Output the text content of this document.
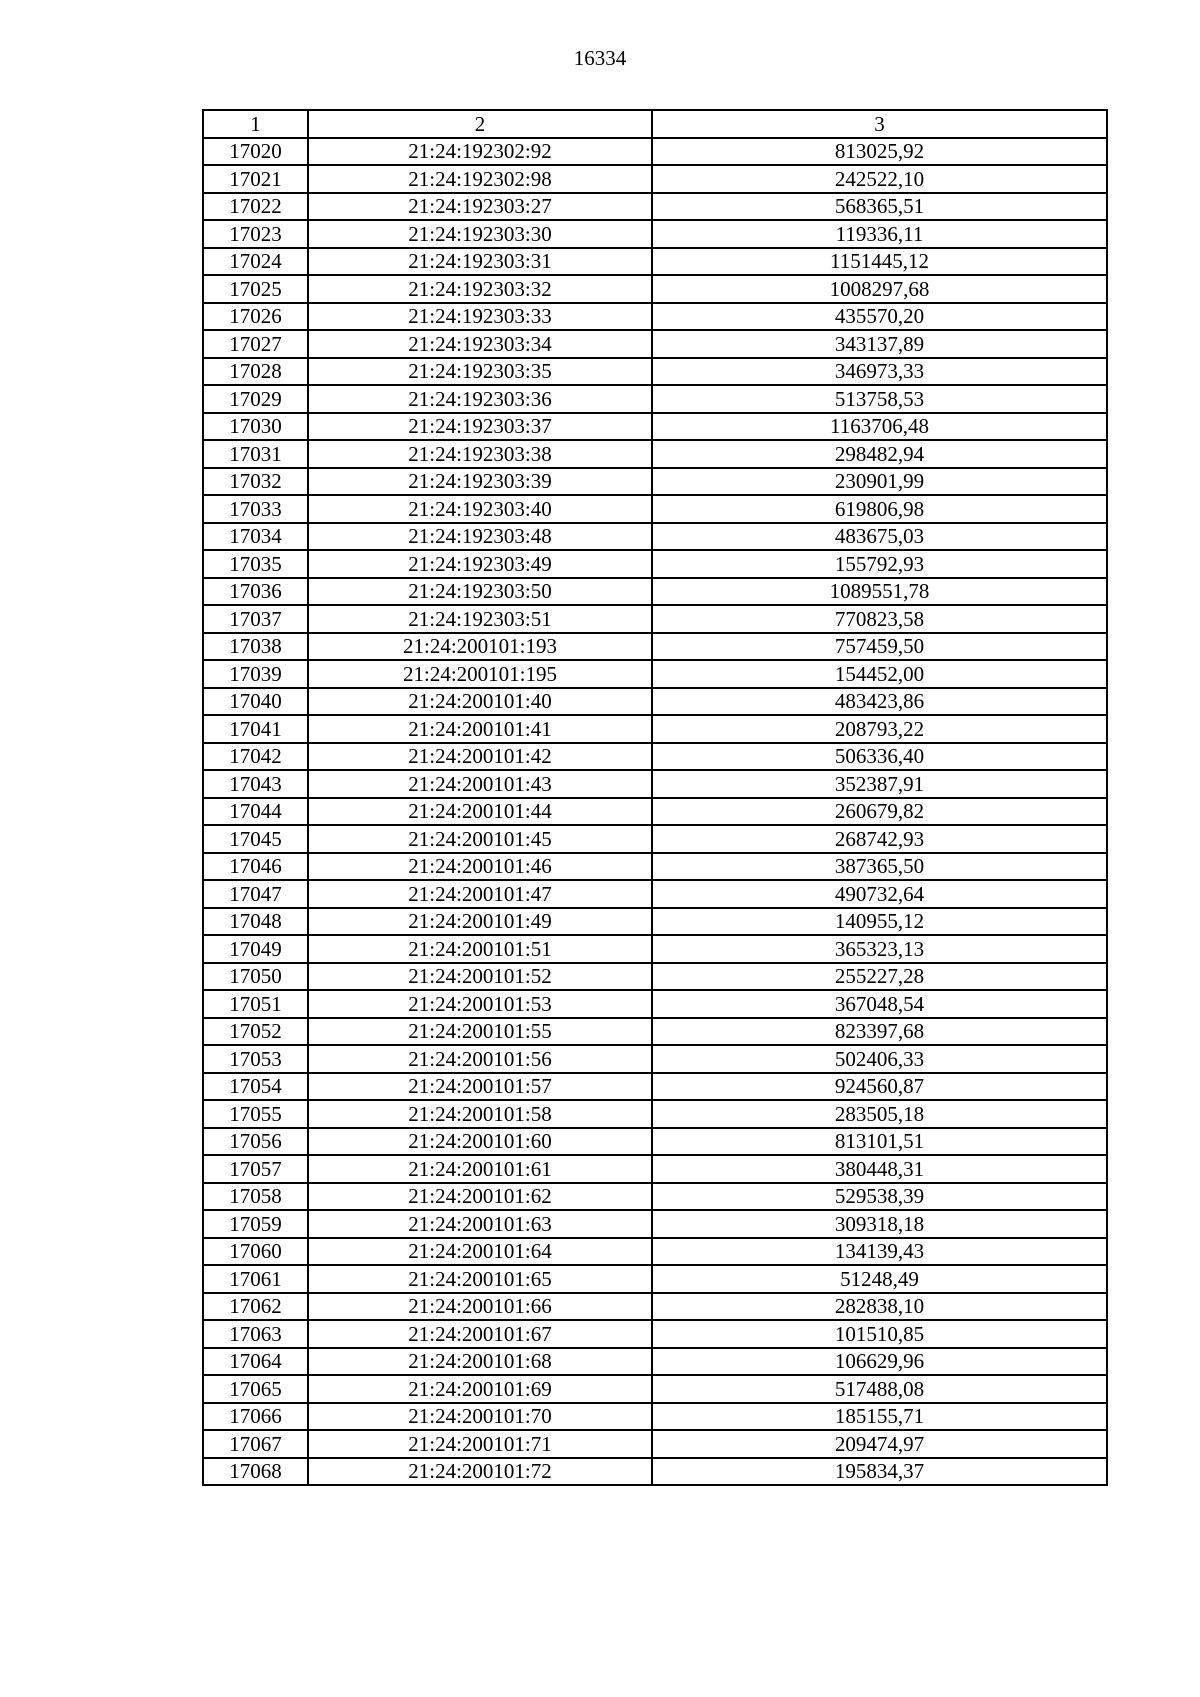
16334
1	2	3
17020	21:24:192302:92	813025,92
17021	21:24:192302:98	242522,10
17022	21:24:192303:27	568365,51
17023	21:24:192303:30	119336,11
17024	21:24:192303:31	1151445,12
17025	21:24:192303:32	1008297,68
17026	21:24:192303:33	435570,20
17027	21:24:192303:34	343137,89
17028	21:24:192303:35	346973,33
17029	21:24:192303:36	513758,53
17030	21:24:192303:37	1163706,48
17031	21:24:192303:38	298482,94
17032	21:24:192303:39	230901,99
17033	21:24:192303:40	619806,98
17034	21:24:192303:48	483675,03
17035	21:24:192303:49	155792,93
17036	21:24:192303:50	1089551,78
17037	21:24:192303:51	770823,58
17038	21:24:200101:193	757459,50
17039	21:24:200101:195	154452,00
17040	21:24:200101:40	483423,86
17041	21:24:200101:41	208793,22
17042	21:24:200101:42	506336,40
17043	21:24:200101:43	352387,91
17044	21:24:200101:44	260679,82
17045	21:24:200101:45	268742,93
17046	21:24:200101:46	387365,50
17047	21:24:200101:47	490732,64
17048	21:24:200101:49	140955,12
17049	21:24:200101:51	365323,13
17050	21:24:200101:52	255227,28
17051	21:24:200101:53	367048,54
17052	21:24:200101:55	823397,68
17053	21:24:200101:56	502406,33
17054	21:24:200101:57	924560,87
17055	21:24:200101:58	283505,18
17056	21:24:200101:60	813101,51
17057	21:24:200101:61	380448,31
17058	21:24:200101:62	529538,39
17059	21:24:200101:63	309318,18
17060	21:24:200101:64	134139,43
17061	21:24:200101:65	51248,49
17062	21:24:200101:66	282838,10
17063	21:24:200101:67	101510,85
17064	21:24:200101:68	106629,96
17065	21:24:200101:69	517488,08
17066	21:24:200101:70	185155,71
17067	21:24:200101:71	209474,97
17068	21:24:200101:72	195834,37
